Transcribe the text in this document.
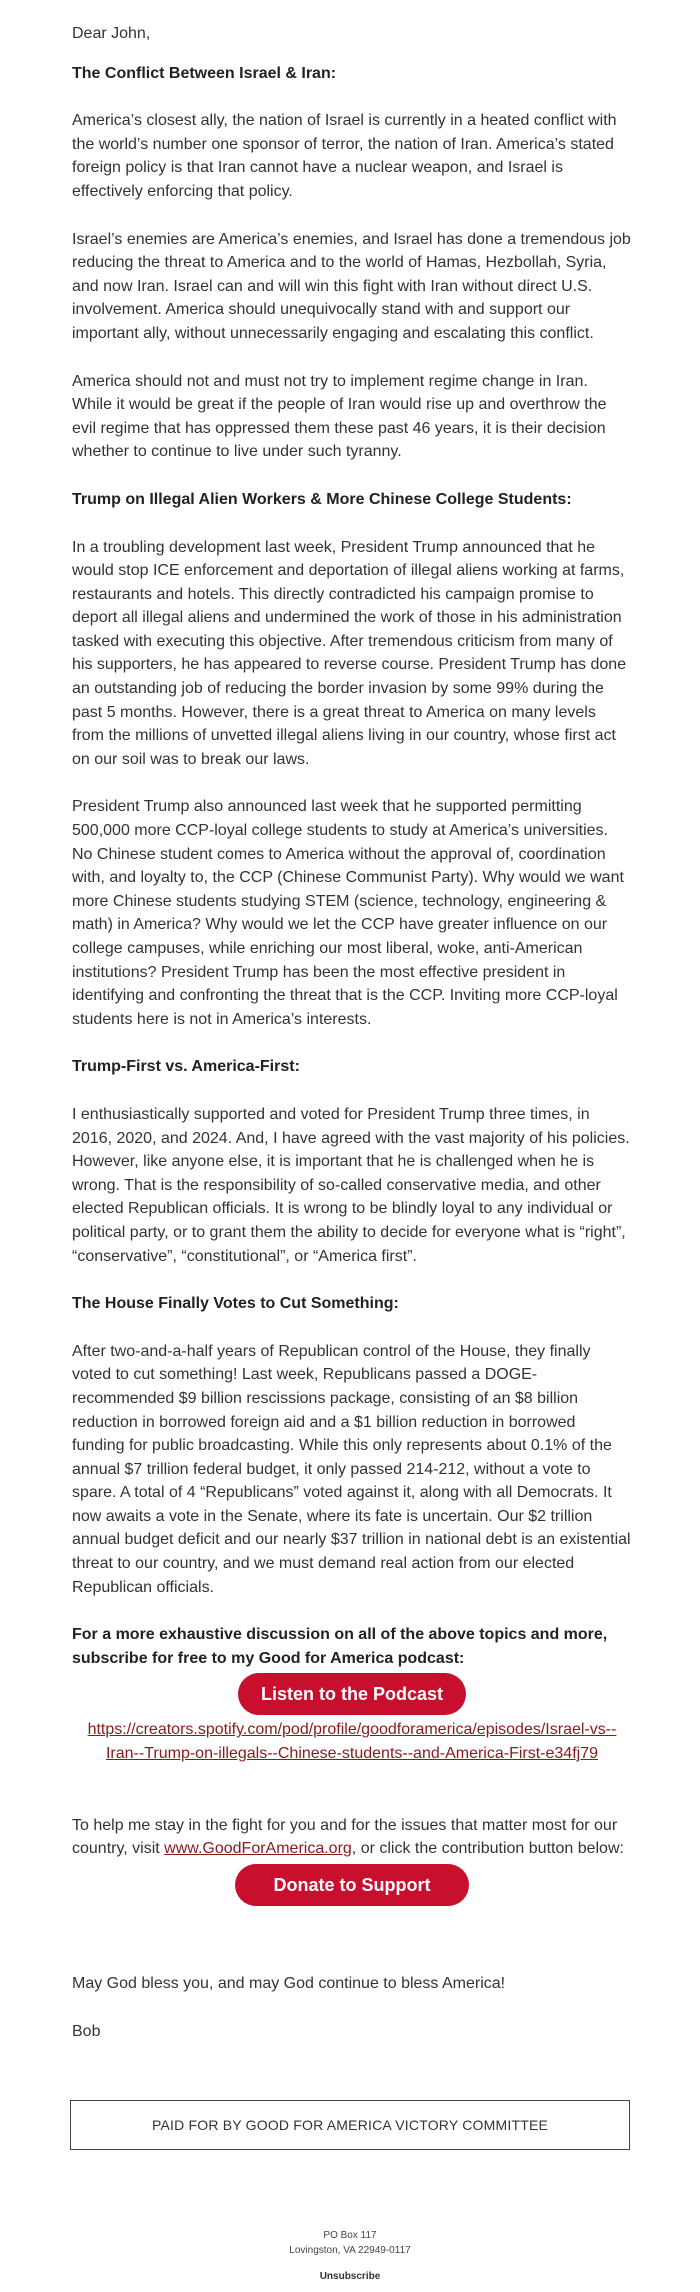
Dear John,

The Conflict Between Israel & Iran:

America’s closest ally, the nation of Israel is currently in a heated conflict with the world’s number one sponsor of terror, the nation of Iran. America’s stated foreign policy is that Iran cannot have a nuclear weapon, and Israel is effectively enforcing that policy.

Israel’s enemies are America’s enemies, and Israel has done a tremendous job reducing the threat to America and to the world of Hamas, Hezbollah, Syria, and now Iran. Israel can and will win this fight with Iran without direct U.S. involvement. America should unequivocally stand with and support our important ally, without unnecessarily engaging and escalating this conflict.

America should not and must not try to implement regime change in Iran. While it would be great if the people of Iran would rise up and overthrow the evil regime that has oppressed them these past 46 years, it is their decision whether to continue to live under such tyranny.

Trump on Illegal Alien Workers & More Chinese College Students:

In a troubling development last week, President Trump announced that he would stop ICE enforcement and deportation of illegal aliens working at farms, restaurants and hotels. This directly contradicted his campaign promise to deport all illegal aliens and undermined the work of those in his administration tasked with executing this objective. After tremendous criticism from many of his supporters, he has appeared to reverse course. President Trump has done an outstanding job of reducing the border invasion by some 99% during the past 5 months. However, there is a great threat to America on many levels from the millions of unvetted illegal aliens living in our country, whose first act on our soil was to break our laws.

President Trump also announced last week that he supported permitting 500,000 more CCP-loyal college students to study at America’s universities. No Chinese student comes to America without the approval of, coordination with, and loyalty to, the CCP (Chinese Communist Party). Why would we want more Chinese students studying STEM (science, technology, engineering & math) in America? Why would we let the CCP have greater influence on our college campuses, while enriching our most liberal, woke, anti-American institutions? President Trump has been the most effective president in identifying and confronting the threat that is the CCP. Inviting more CCP-loyal students here is not in America’s interests.

Trump-First vs. America-First:

I enthusiastically supported and voted for President Trump three times, in 2016, 2020, and 2024. And, I have agreed with the vast majority of his policies. However, like anyone else, it is important that he is challenged when he is wrong. That is the responsibility of so-called conservative media, and other elected Republican officials. It is wrong to be blindly loyal to any individual or political party, or to grant them the ability to decide for everyone what is “right”, “conservative”, “constitutional”, or “America first”.

The House Finally Votes to Cut Something:

After two-and-a-half years of Republican control of the House, they finally voted to cut something! Last week, Republicans passed a DOGE-recommended $9 billion rescissions package, consisting of an $8 billion reduction in borrowed foreign aid and a $1 billion reduction in borrowed funding for public broadcasting. While this only represents about 0.1% of the annual $7 trillion federal budget, it only passed 214-212, without a vote to spare. A total of 4 “Republicans” voted against it, along with all Democrats. It now awaits a vote in the Senate, where its fate is uncertain. Our $2 trillion annual budget deficit and our nearly $37 trillion in national debt is an existential threat to our country, and we must demand real action from our elected Republican officials.

For a more exhaustive discussion on all of the above topics and more, subscribe for free to my Good for America podcast:

Listen to the Podcast
https://creators.spotify.com/pod/profile/goodforamerica/episodes/Israel-vs--Iran--Trump-on-illegals--Chinese-students--and-America-First-e34fj79

To help me stay in the fight for you and for the issues that matter most for our country, visit www.GoodForAmerica.org, or click the contribution button below:

Donate to Support Bob

May God bless you, and may God continue to bless America!

Bob

PAID FOR BY GOOD FOR AMERICA VICTORY COMMITTEE
PO Box 117
Lovingston, VA 22949-0117
Unsubscribe
